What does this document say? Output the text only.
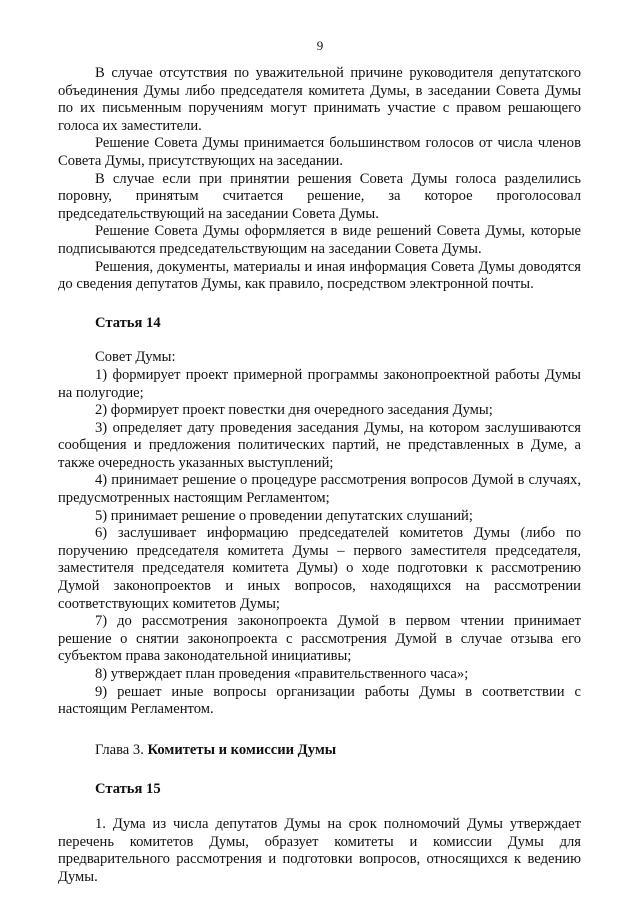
9

В случае отсутствия по уважительной причине руководителя депутатского объединения Думы либо председателя комитета Думы, в заседании Совета Думы по их письменным поручениям могут принимать участие с правом решающего голоса их заместители.

Решение Совета Думы принимается большинством голосов от числа членов Совета Думы, присутствующих на заседании.

В случае если при принятии решения Совета Думы голоса разделились поровну, принятым считается решение, за которое проголосовал председательствующий на заседании Совета Думы.

Решение Совета Думы оформляется в виде решений Совета Думы, которые подписываются председательствующим на заседании Совета Думы.

Решения, документы, материалы и иная информация Совета Думы доводятся до сведения депутатов Думы, как правило, посредством электронной почты.

Статья 14

Совет Думы:

1) формирует проект примерной программы законопроектной работы Думы на полугодие;

2) формирует проект повестки дня очередного заседания Думы;

3) определяет дату проведения заседания Думы, на котором заслушиваются сообщения и предложения политических партий, не представленных в Думе, а также очередность указанных выступлений;

4) принимает решение о процедуре рассмотрения вопросов Думой в случаях, предусмотренных настоящим Регламентом;

5) принимает решение о проведении депутатских слушаний;

6) заслушивает информацию председателей комитетов Думы (либо по поручению председателя комитета Думы – первого заместителя председателя, заместителя председателя комитета Думы) о ходе подготовки к рассмотрению Думой законопроектов и иных вопросов, находящихся на рассмотрении соответствующих комитетов Думы;

7) до рассмотрения законопроекта Думой в первом чтении принимает решение о снятии законопроекта с рассмотрения Думой в случае отзыва его субъектом права законодательной инициативы;

8) утверждает план проведения «правительственного часа»;

9) решает иные вопросы организации работы Думы в соответствии с настоящим Регламентом.

Глава 3. Комитеты и комиссии Думы

Статья 15

1. Дума из числа депутатов Думы на срок полномочий Думы утверждает перечень комитетов Думы, образует комитеты и комиссии Думы для предварительного рассмотрения и подготовки вопросов, относящихся к ведению Думы.
